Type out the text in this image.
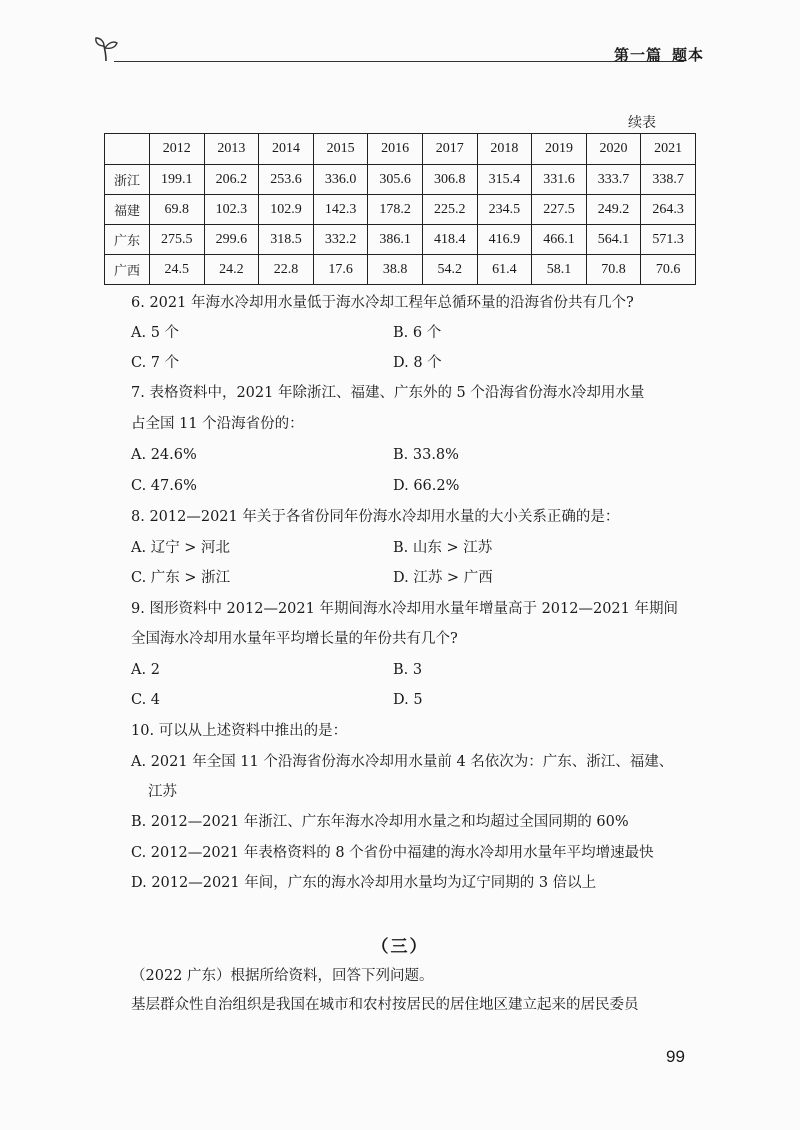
第一篇 题本
续表
	2012	2013	2014	2015	2016	2017	2018	2019	2020	2021
浙江	199.1	206.2	253.6	336.0	305.6	306.8	315.4	331.6	333.7	338.7
福建	69.8	102.3	102.9	142.3	178.2	225.2	234.5	227.5	249.2	264.3
广东	275.5	299.6	318.5	332.2	386.1	418.4	416.9	466.1	564.1	571.3
广西	24.5	24.2	22.8	17.6	38.8	54.2	61.4	58.1	70.8	70.6
6. 2021 年海水冷却用水量低于海水冷却工程年总循环量的沿海省份共有几个?
A. 5 个	B. 6 个
C. 7 个	D. 8 个
7. 表格资料中，2021 年除浙江、福建、广东外的 5 个沿海省份海水冷却用水量
占全国 11 个沿海省份的：
A. 24.6%	B. 33.8%
C. 47.6%	D. 66.2%
8. 2012—2021 年关于各省份同年份海水冷却用水量的大小关系正确的是：
A. 辽宁 > 河北	B. 山东 > 江苏
C. 广东 > 浙江	D. 江苏 > 广西
9. 图形资料中 2012—2021 年期间海水冷却用水量年增量高于 2012—2021 年期间
全国海水冷却用水量年平均增长量的年份共有几个?
A. 2	B. 3
C. 4	D. 5
10. 可以从上述资料中推出的是：
A. 2021 年全国 11 个沿海省份海水冷却用水量前 4 名依次为：广东、浙江、福建、
江苏
B. 2012—2021 年浙江、广东年海水冷却用水量之和均超过全国同期的 60%
C. 2012—2021 年表格资料的 8 个省份中福建的海水冷却用水量年平均增速最快
D. 2012—2021 年间，广东的海水冷却用水量均为辽宁同期的 3 倍以上
（三）
（2022 广东）根据所给资料，回答下列问题。
基层群众性自治组织是我国在城市和农村按居民的居住地区建立起来的居民委员
99
